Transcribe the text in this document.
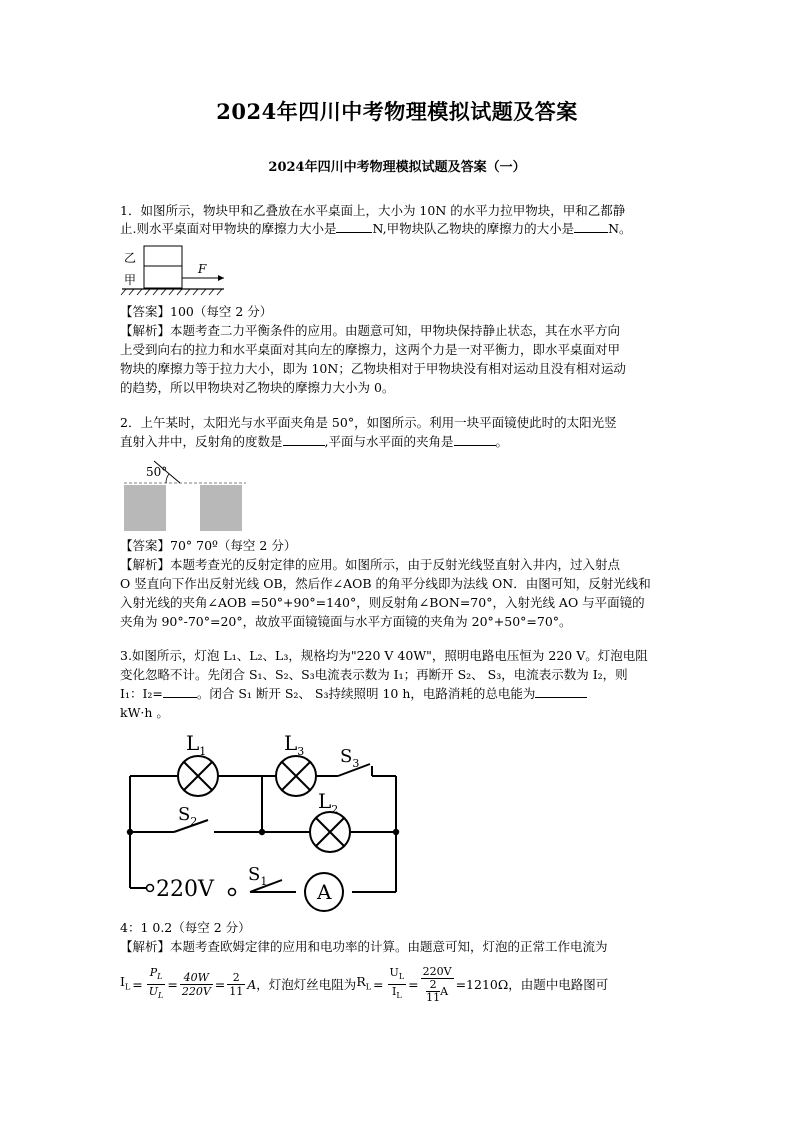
2024年四川中考物理模拟试题及答案
2024年四川中考物理模拟试题及答案（一）
1．如图所示，物块甲和乙叠放在水平桌面上，大小为 10N 的水平力拉甲物块，甲和乙都静
止.则水平桌面对甲物块的摩擦力大小是	N,甲物块队乙物块的摩擦力的大小是	N。
乙
甲
F
【答案】100（每空 2 分）
【解析】本题考查二力平衡条件的应用。由题意可知，甲物块保持静止状态，其在水平方向
上受到向右的拉力和水平桌面对其向左的摩擦力，这两个力是一对平衡力，即水平桌面对甲
物块的摩擦力等于拉力大小，即为 10N；乙物块相对于甲物块没有相对运动且没有相对运动
的趋势，所以甲物块对乙物块的摩擦力大小为 0。
2．上午某时，太阳光与水平面夹角是 50°，如图所示。利用一块平面镜使此时的太阳光竖
直射入井中，反射角的度数是	,平面与水平面的夹角是	。
50°
【答案】70° 70º（每空 2 分）
【解析】本题考查光的反射定律的应用。如图所示，由于反射光线竖直射入井内，过入射点
O 竖直向下作出反射光线 OB，然后作∠AOB 的角平分线即为法线 ON．由图可知，反射光线和
入射光线的夹角∠AOB =50°+90°=140°，则反射角∠BON=70°，入射光线 AO 与平面镜的
夹角为 90°-70°=20°，故放平面镜镜面与水平方面镜的夹角为 20°+50°=70°。
3.如图所示，灯泡 L₁、L₂、L₃，规格均为"220 V 40W"，照明电路电压恒为 220 V。灯泡电阻
变化忽略不计。先闭合 S₁、S₂、S₃电流表示数为 I₁；再断开 S₂、 S₃，电流表示数为 I₂，则
I₁：I₂=	。闭合 S₁ 断开 S₂、 S₃持续照明 10 h，电路消耗的总电能为
kW·h 。
$L_1$	$L_3$ $S_3$
$L_2$
$S_2$
$S_1$
220V	A
4：1 0.2（每空 2 分）
【解析】本题考查欧姆定律的应用和电功率的计算。由题意可知，灯泡的正常工作电流为
$I_L = \frac{P_L}{U_L} = \frac{40W}{220V} = \frac{2}{11}$ A ，灯泡灯丝电阻为 $R_L = \frac{U_L}{I_L} = 220V$
2
11 A =1210Ω ，由题中电路图可
